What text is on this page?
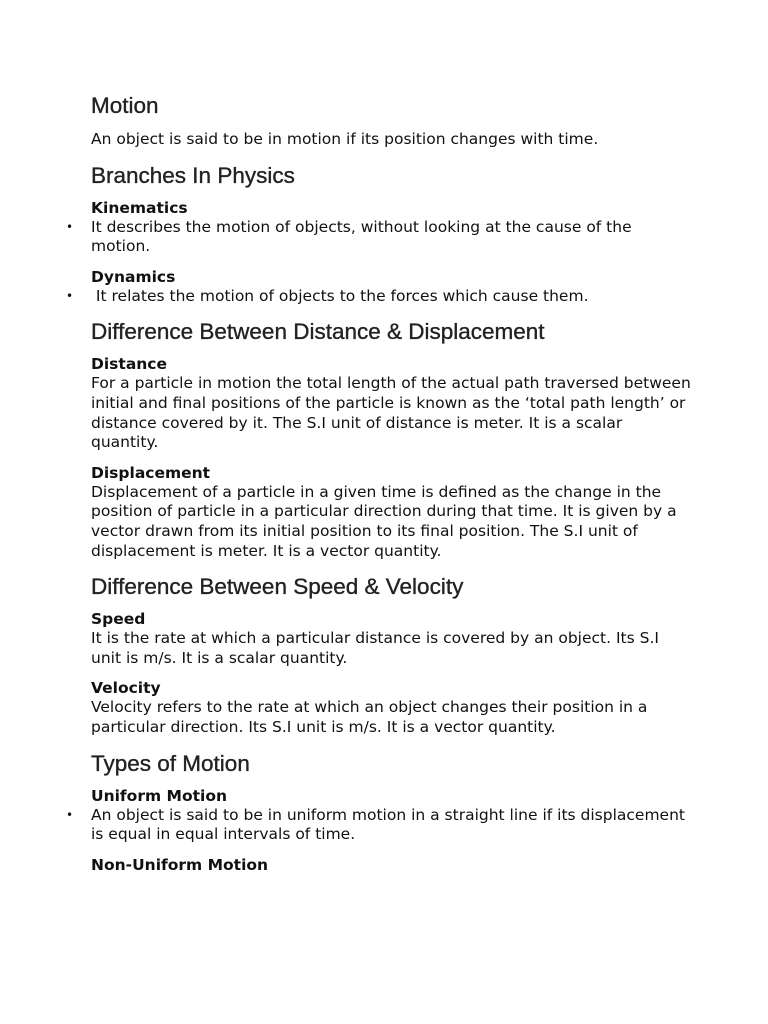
Motion

An object is said to be in motion if its position changes with time.

Branches In Physics
Kinematics
• It describes the motion of objects, without looking at the cause of the motion.

Dynamics
• It relates the motion of objects to the forces which cause them.

Difference Between Distance & Displacement
Distance

For a particle in motion the total length of the actual path traversed between initial and final positions of the particle is known as the ‘total path length’ or distance covered by it. The S.I unit of distance is meter. It is a scalar quantity.

Displacement

Displacement of a particle in a given time is defined as the change in the position of particle in a particular direction during that time. It is given by a vector drawn from its initial position to its final position. The S.I unit of displacement is meter. It is a vector quantity.

Difference Between Speed & Velocity
Speed

It is the rate at which a particular distance is covered by an object. Its S.I unit is m/s. It is a scalar quantity.

Velocity

Velocity refers to the rate at which an object changes their position in a particular direction. Its S.I unit is m/s. It is a vector quantity.

Types of Motion
Uniform Motion
• An object is said to be in uniform motion in a straight line if its displacement is equal in equal intervals of time.

Non-Uniform Motion
